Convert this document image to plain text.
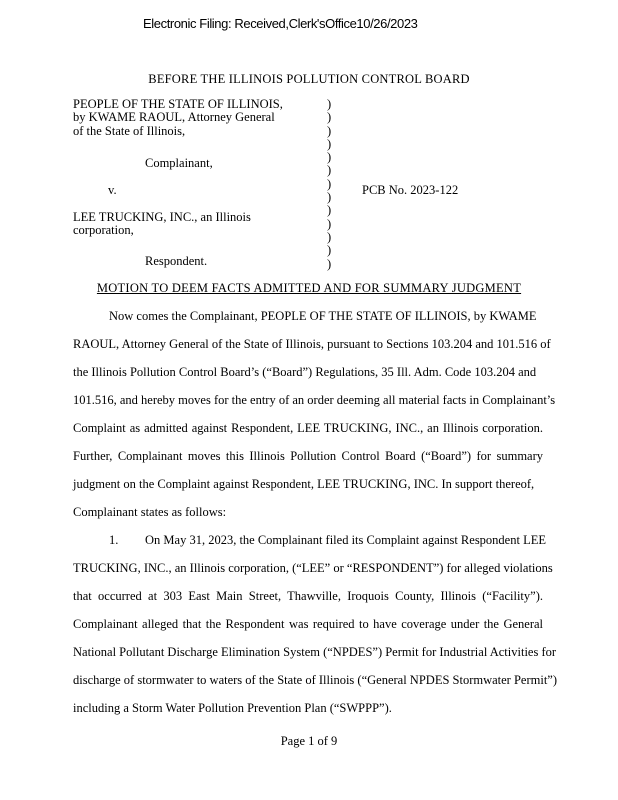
Electronic Filing: Received,Clerk'sOffice10/26/2023
BEFORE THE ILLINOIS POLLUTION CONTROL BOARD
PEOPLE OF THE STATE OF ILLINOIS,
by KWAME RAOUL, Attorney General
of the State of Illinois,
Complainant,
v.	PCB No. 2023-122
LEE TRUCKING, INC., an Illinois
corporation,
Respondent.
)
)
)
)
)
)
)
)
)
)
)
)
)
MOTION TO DEEM FACTS ADMITTED AND FOR SUMMARY JUDGMENT
Now comes the Complainant, PEOPLE OF THE STATE OF ILLINOIS, by KWAME
RAOUL, Attorney General of the State of Illinois, pursuant to Sections 103.204 and 101.516 of
the Illinois Pollution Control Board’s (“Board”) Regulations, 35 Ill. Adm. Code 103.204 and
101.516, and hereby moves for the entry of an order deeming all material facts in Complainant’s
Complaint as admitted against Respondent, LEE TRUCKING, INC., an Illinois corporation.
Further, Complainant moves this Illinois Pollution Control Board (“Board”) for summary
judgment on the Complaint against Respondent, LEE TRUCKING, INC. In support thereof,
Complainant states as follows:
1. On May 31, 2023, the Complainant filed its Complaint against Respondent LEE
TRUCKING, INC., an Illinois corporation, (“LEE” or “RESPONDENT”) for alleged violations
that occurred at 303 East Main Street, Thawville, Iroquois County, Illinois (“Facility”).
Complainant alleged that the Respondent was required to have coverage under the General
National Pollutant Discharge Elimination System (“NPDES”) Permit for Industrial Activities for
discharge of stormwater to waters of the State of Illinois (“General NPDES Stormwater Permit”)
including a Storm Water Pollution Prevention Plan (“SWPPP”).
Page 1 of 9
